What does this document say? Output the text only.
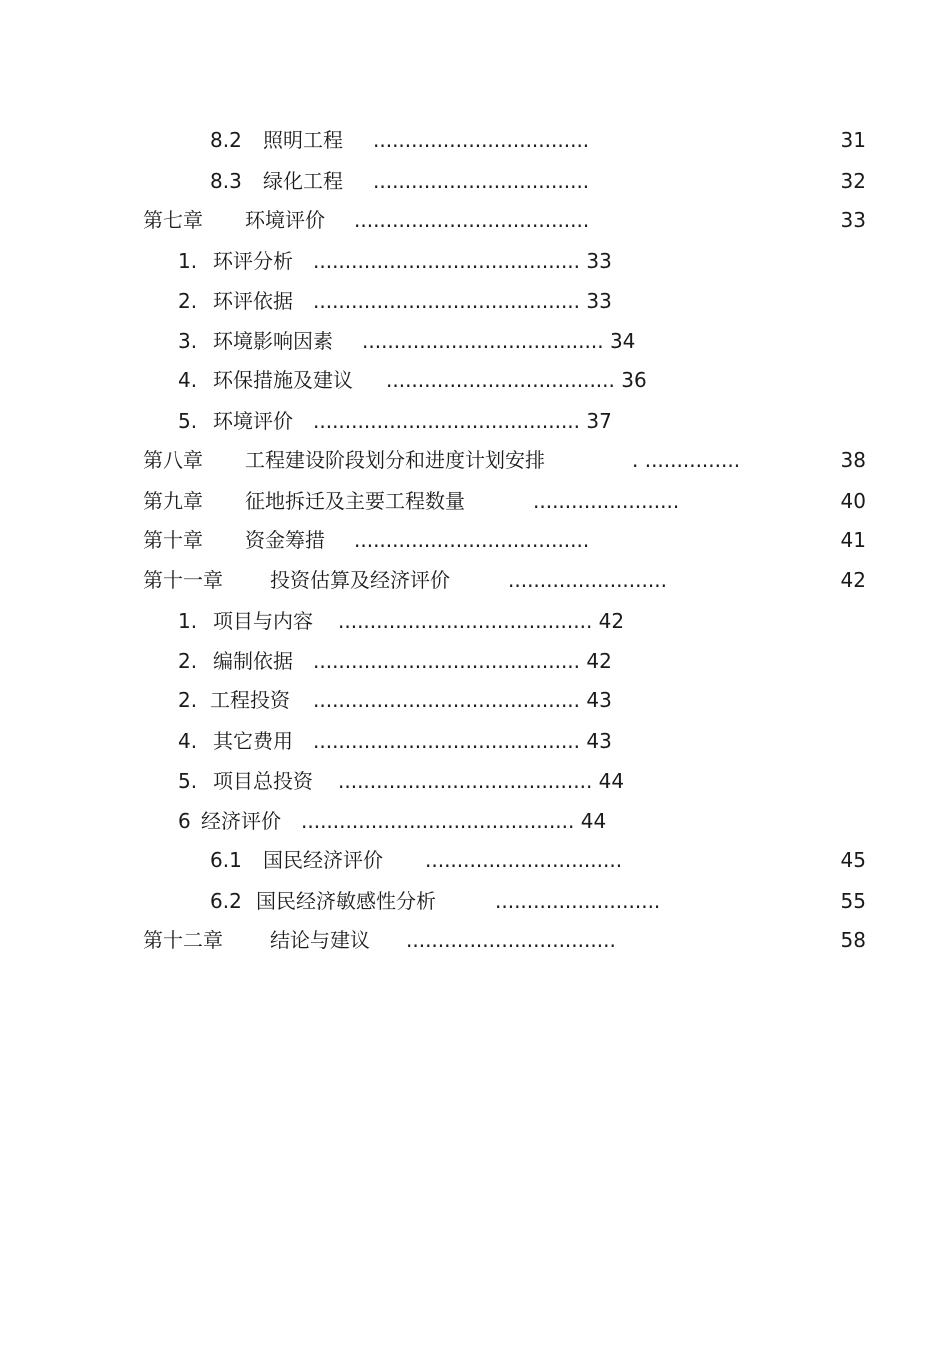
8.2 照明工程 ..................................	31
8.3 绿化工程 ..................................	32
第七章 环境评价 .....................................	33
1. 环评分析 .......................................... 33
2. 环评依据 .......................................... 33
3. 环境影响因素 ...................................... 34
4. 环保措施及建议 .................................... 36
5. 环境评价 .......................................... 37
第八章 工程建设阶段划分和进度计划安排	. ...............	38
第九章 征地拆迁及主要工程数量	.......................	40
第十章 资金筹措 .....................................	41
第十一章 投资估算及经济评价	.........................	42
1. 项目与内容 ........................................ 42
2. 编制依据 .......................................... 42
2. 工程投资 .......................................... 43
4. 其它费用 .......................................... 43
5. 项目总投资 ........................................ 44
6 经济评价 ........................................... 44
6.1 国民经济评价 ...............................	45
6.2 国民经济敏感性分析	..........................	55
第十二章 结论与建议 .................................	58
